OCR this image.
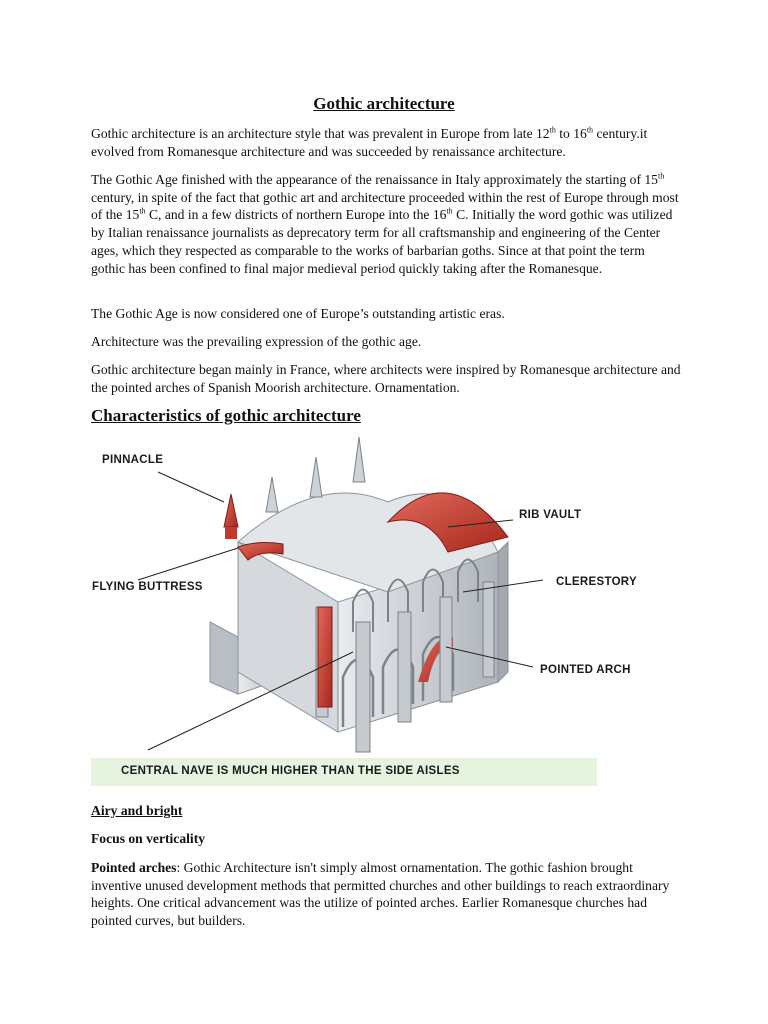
Gothic architecture
Gothic architecture is an architecture style that was prevalent in Europe from late 12th to 16th century.it evolved from Romanesque architecture and was succeeded by renaissance architecture.
The Gothic Age finished with the appearance of the renaissance in Italy approximately the starting of 15th century, in spite of the fact that gothic art and architecture proceeded within the rest of Europe through most of the 15th C, and in a few districts of northern Europe into the 16th C. Initially the word gothic was utilized by Italian renaissance journalists as deprecatory term for all craftsmanship and engineering of the Center ages, which they respected as comparable to the works of barbarian goths. Since at that point the term gothic has been confined to final major medieval period quickly taking after the Romanesque.
The Gothic Age is now considered one of Europe’s outstanding artistic eras.
Architecture was the prevailing expression of the gothic age.
Gothic architecture began mainly in France, where architects were inspired by Romanesque architecture and the pointed arches of Spanish Moorish architecture. Ornamentation.
Characteristics of gothic architecture
PINNACLE
RIB VAULT
FLYING BUTTRESS	CLERESTORY
POINTED ARCH
CENTRAL NAVE IS MUCH HIGHER THAN THE SIDE AISLES
Airy and bright
Focus on verticality
Pointed arches: Gothic Architecture isn't simply almost ornamentation. The gothic fashion brought inventive unused development methods that permitted churches and other buildings to reach extraordinary heights. One critical advancement was the utilize of pointed arches. Earlier Romanesque churches had pointed curves, but builders.
